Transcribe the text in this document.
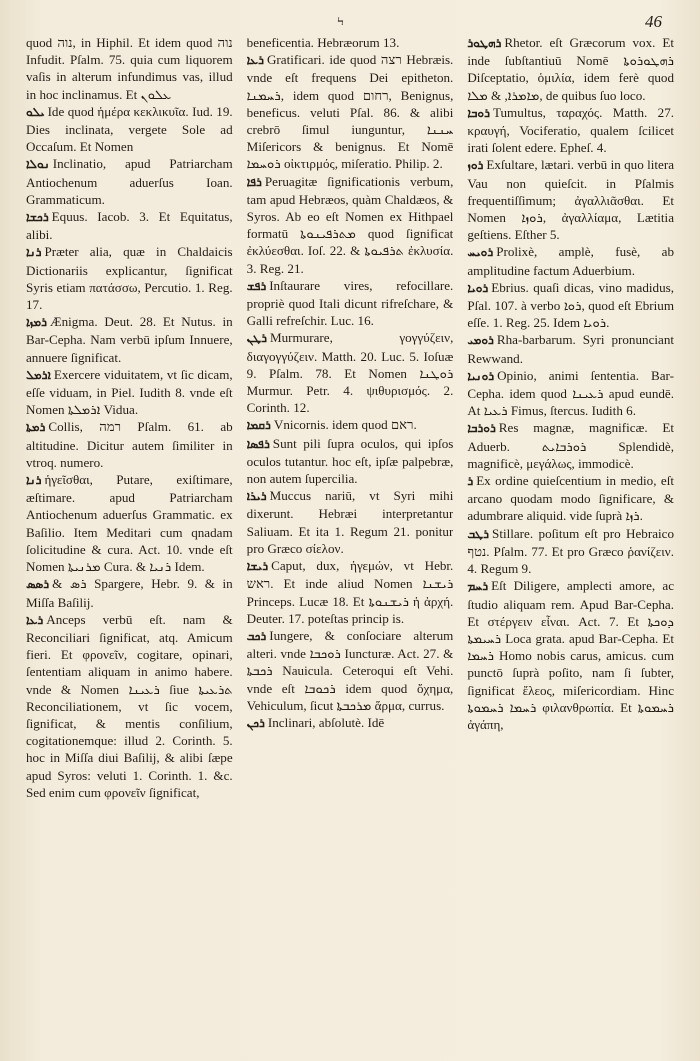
Ϟ	46

quod נוה, in Hiphil. Et idem quod נוה Infudit. Pſalm. 75. quia cum liquorem vaſis in alterum infundimus vas, illud in hoc inclinamus. Et ܥܠܘܢ

ܝܠܘ Ide quod ἡμέρα κεκλικυῖα. Iud. 19. Dies inclinata, vergete Sole ad Occaſum. Et Nomen

ܢܘܠܐ Inclinatio, apud Patriarcham Antiochenum aduerſus Ioan. Grammaticum.

ܪܟܫܐ Equus. Iacob. 3. Et Equitatus, alibi.

ܪܢܐ Præter alia, quæ in Chaldaicis Dictionariis explicantur, ſignificat Syris etiam πατάσσω, Percutio. 1. Reg. 17.

ܪܡܙܐ Ænigma. Deut. 28. Et Nutus. in Bar-Cepha. Nam verbū ipſum Innuere, annuere ſignificat.

ܐܪܡܠ Exercere viduitatem, vt ſic dicam, eſſe viduam, in Piel. Iudith 8. vnde eſt Nomen ܐܪܡܠܬܐ Vidua.

ܪܡܬܐ Collis, רמה Pſalm. 61. ab altitudine. Dicitur autem ſimiliter in vtroq. numero.

ܪܢܐ ἡγεῖσθαι, Putare, exiſtimare, æſtimare. apud Patriarcham Antiochenum aduerſus Grammatic. ex Baſilio. Item Meditari cum qnadam ſolicitudine & cura. Act. 10. vnde eſt Nomen ܡܪܢܝܬܐ Cura. & ܪܢܝܐ Idem.

ܪܣܣ & ܪܣ Spargere, Hebr. 9. & in Miſſa Baſilij.

ܪܥܐ Anceps verbū eſt. nam & Reconciliari ſignificat, atq. Amicum fieri. Et φρονεῖν, cogitare, opinari, ſententiam aliquam in animo habere. vnde & Nomen ܪܥܝܢܐ ſiue ܬܪܥܝܬܐ Reconciliationem, vt ſic vocem, ſignificat, & mentis conſilium, cogitationemque: illud 2. Corinth. 5. hoc in Miſſa diui Baſilij, & alibi ſæpe apud Syros: veluti 1. Corinth. 1. &c. Sed enim cum φρονεῖν ſignificat,

beneficentia. Hebræorum 13.

ܪܥܐ Gratificari. ide quod רצה Hebræis. vnde eſt frequens Dei epitheton. ܪܚܡܢܐ, idem quod רחום, Benignus, beneficus. veluti Pſal. 86. & alibi crebrō ſimul iunguntur, ܚܢܢܐ Miſericors & benignus. Et Nomē ܪܘܚܡܐ οἰκτιρμός, miſeratio. Philip. 2.

ܪܦܐ Peruagitæ ſignificationis verbum, tam apud Hebræos, quàm Chaldæos, & Syros. Ab eo eſt Nomen ex Hithpael formatū ܡܬܪܦܝܢܘܬܐ quod ſignificat ἐκλύεσθαι. Ioſ. 22. & ܬܪܦܝܘܬܐ ἐκλυσία. 3. Reg. 21.

ܪܦܫ Inſtaurare vires, refocillare. propriè quod Itali dicunt rifreſchare, & Galli refreſchir. Luc. 16.

ܪܛܢ Murmurare, γογγύζειν, διαγογγύζειν. Matth. 20. Luc. 5. Ioſuæ 9. Pſalm. 78. Et Nomen ܪܘܛܢܐ Murmur. Petr. 4. ψιθυρισμός. 2. Corinth. 12.

ܪܩܡܐ Vnicornis. idem quod ראם.

ܪܦܣܐ Sunt pili ſupra oculos, qui ipſos oculos tutantur. hoc eſt, ipſæ palpebræ, non autem ſupercilia.

ܪܝܪܐ Muccus nariū, vt Syri mihi dixerunt. Hebræi interpretantur Saliuam. Et ita 1. Regum 21. ponitur pro Græco σίελον.

ܪܝܫܐ Caput, dux, ἡγεμών, vt Hebr. ראש. Et inde aliud Nomen ܪܝܫܢܐ Princeps. Lucæ 18. Et ܪܝܫܢܘܬܐ ἡ ἀρχή. Deuter. 17. poteſtas princip is.

ܪܟܒ Iungere, & conſociare alterum alteri. vnde ܪܘܟܒܐ Iuncturæ. Act. 27. & ܪܟܒܬܐ Nauicula. Ceteroqui eſt Vehi. vnde eſt ܪܟܘܒܐ idem quod ὄχημα, Vehiculum, ſicut ܡܪܟܒܬܐ ἅρμα, currus.

ܪܟܢ Inclinari, abſolutè. Idē

ܪܗܛܘܪ Rhetor. eſt Græcorum vox. Et inde ſubſtantiuū Nomē ܪܗܛܘܪܘܬܐ Diſceptatio, ὁμιλία, idem ferè quod ܡܐܡܪܐ, & ܡܠܐ, de quibus ſuo loco.

ܪܘܒܐ Tumultus, ταραχός. Matth. 27. κραυγή, Vociferatio, qualem ſcilicet irati ſolent edere. Epheſ. 4.

ܪܘܙ Exſultare, lætari. verbū in quo litera Vau non quieſcit. in Pſalmis frequentiſſimum; ἀγαλλιᾶσθαι. Et Nomen ܪܘܙܐ, ἀγαλλίαμα, Lætitia geſtiens. Eſther 5.

ܪܘܝܚ Prolixè, amplè, fusè, ab amplitudine factum Aduerbium.

ܪܘܝܐ Ebrius. quaſi dicas, vino madidus, Pſal. 107. à verbo ܪܘܐ, quod eſt Ebrium eſſe. 1. Reg. 25. Idem ܪܘܝܐ.

ܪܘܡܝ Rha-barbarum. Syri pronunciant Rewwand.

ܪܘܢܝܐ Opinio, animi ſententia. Bar-Cepha. idem quod ܪܥܝܢܐ apud eundē. At ܪܥܝܐ Fimus, ſtercus. Iudith 6.

ܪܘܪܒܐ Res magnæ, magnificæ. Et Aduerb. ܪܘܪܒܐܝܬ Splendidè, magnificè, μεγάλως, immodicè.

ܪ Ex ordine quieſcentium in medio, eſt arcano quodam modo ſignificare, & adumbrare aliquid. vide ſuprà ܪܙܐ.

ܪܛܒ Stillare. poſitum eſt pro Hebraico נטף. Pſalm. 77. Et pro Græco ῥανίζειν. 4. Regum 9.

ܪܚܡ Eſt Diligere, amplecti amore, ac ſtudio aliquam rem. Apud Bar-Cepha. Et στέργειν εἶναι. Act. 7. Et ܕܘܟܬܐ ܪܚܝܡܬܐ Loca grata. apud Bar-Cepha. Et ܪܚܡܐ Homo nobis carus, amicus. cum punctō ſuprà poſito, nam ſi ſubter, ſignificat ἔλεος, miſericordiam. Hinc ܪܚܡܐ ܪܚܡܘܬܐ φιλανθρωπία. Et ܪܚܡܘܬܐ ἀγάπη,
